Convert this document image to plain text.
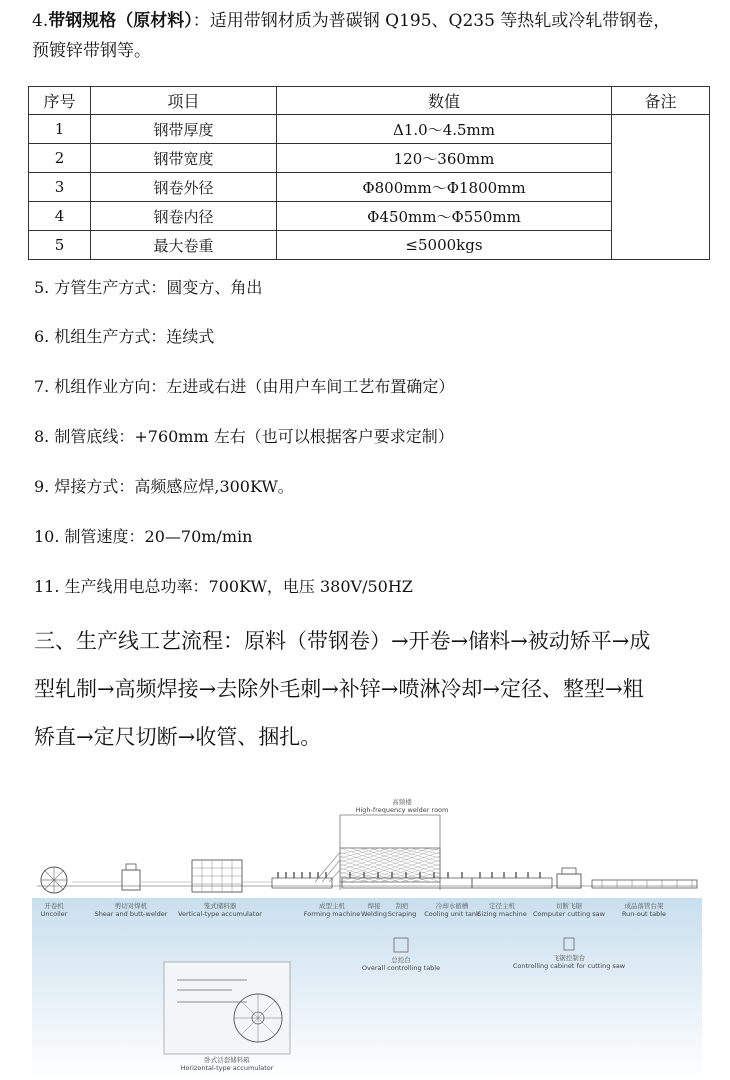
4.带钢规格（原材料）：适用带钢材质为普碳钢 Q195、Q235 等热轧或冷轧带钢卷，
预镀锌带钢等。
序号	项目	数值	备注
1	钢带厚度	Δ1.0～4.5mm	
2	钢带宽度	120～360mm	
3	钢卷外径	Φ800mm～Φ1800mm	
4	钢卷内径	Φ450mm～Φ550mm	
5	最大卷重	≤5000kgs	
5. 方管生产方式：圆变方、角出
6. 机组生产方式：连续式
7. 机组作业方向：左进或右进（由用户车间工艺布置确定）
8. 制管底线：+760mm 左右（也可以根据客户要求定制）
9. 焊接方式：高频感应焊,300KW。
10. 制管速度：20—70m/min
11. 生产线用电总功率：700KW，电压 380V/50HZ
三、生产线工艺流程：原料（带钢卷）→开卷→储料→被动矫平→成
型轧制→高频焊接→去除外毛刺→补锌→喷淋冷却→定径、整型→粗
矫直→定尺切断→收管、捆扎。
高频楼
High-frequency welder room
开卷机
Uncoiler
剪切对焊机
Shear and butt-welder
笼式储料器
Vertical-type accumulator
成型主机
Forming machine
焊接
Welding
刮疤
Scraping
冷却水循槽
Cooling unit tank
定径主机
Sizing machine
切断飞锯
Computer cutting saw
成品落管台架
Run-out table
总控台
Overall controlling table
飞锯控制台
Controlling cabinet for cutting saw
卧式活套储料箱
Horizontal-type accumulator
